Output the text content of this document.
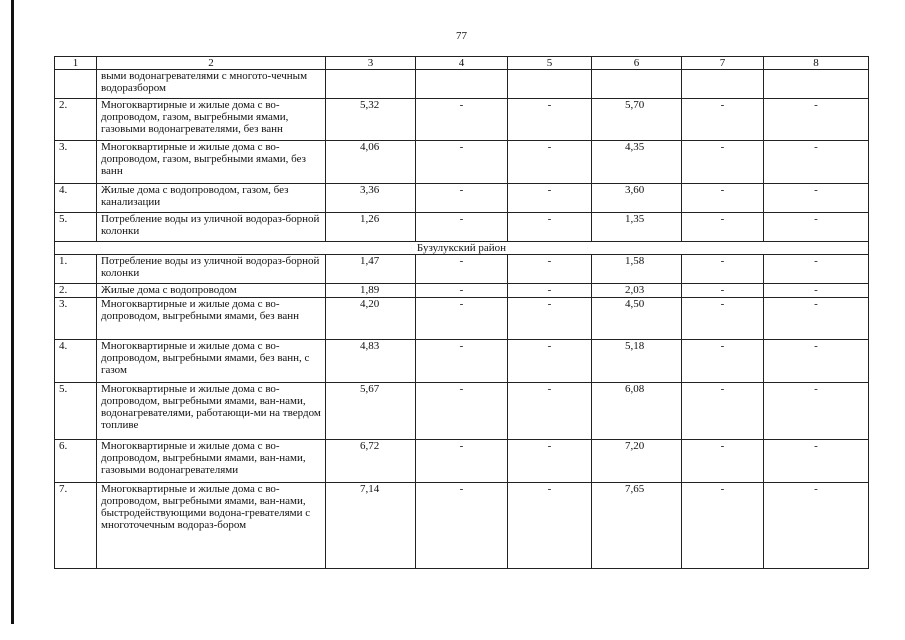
77
1	2	3	4	5	6	7	8
	выми водонагревателями с многото-чечным водоразбором						
2.	Многоквартирные и жилые дома с во-допроводом, газом, выгребными ямами, газовыми водонагревателями, без ванн	5,32	-	-	5,70	-	-
3.	Многоквартирные и жилые дома с во-допроводом, газом, выгребными ямами, без ванн	4,06	-	-	4,35	-	-
4.	Жилые дома с водопроводом, газом, без канализации	3,36	-	-	3,60	-	-
5.	Потребление воды из уличной водораз-борной колонки	1,26	-	-	1,35	-	-
Бузулукский район							
1.	Потребление воды из уличной водораз-борной колонки	1,47	-	-	1,58	-	-
2.	Жилые дома с водопроводом	1,89	-	-	2,03	-	-
3.	Многоквартирные и жилые дома с во-допроводом, выгребными ямами, без ванн	4,20	-	-	4,50	-	-
4.	Многоквартирные и жилые дома с во-допроводом, выгребными ямами, без ванн, с газом	4,83	-	-	5,18	-	-
5.	Многоквартирные и жилые дома с во-допроводом, выгребными ямами, ван-нами, водонагревателями, работающи-ми на твердом топливе	5,67	-	-	6,08	-	-
6.	Многоквартирные и жилые дома с во-допроводом, выгребными ямами, ван-нами, газовыми водонагревателями	6,72	-	-	7,20	-	-
7.	Многоквартирные и жилые дома с во-допроводом, выгребными ямами, ван-нами, быстродействующими водона-гревателями с многоточечным водораз-бором	7,14	-	-	7,65	-	-
